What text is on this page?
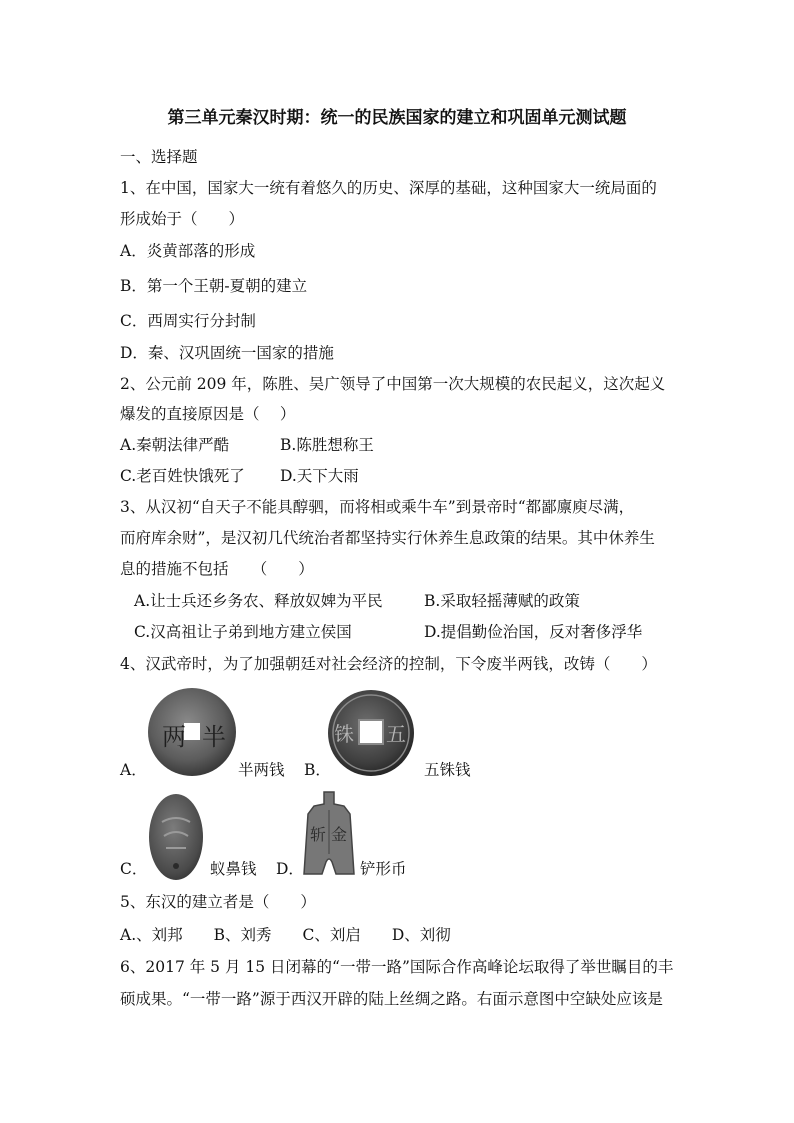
第三单元秦汉时期：统一的民族国家的建立和巩固单元测试题
一、选择题
1、在中国，国家大一统有着悠久的历史、深厚的基础，这种国家大一统局面的
形成始于（　　）
A．炎黄部落的形成
B．第一个王朝-夏朝的建立
C．西周实行分封制
D．秦、汉巩固统一国家的措施
2、公元前 209 年，陈胜、吴广领导了中国第一次大规模的农民起义，这次起义
爆发的直接原因是（　 ）
A.秦朝法律严酷	B.陈胜想称王
C.老百姓快饿死了 D.天下大雨
3、从汉初“自天子不能具醇驷，而将相或乘牛车”到景帝时“都鄙廪庾尽满，
而府库余财”，是汉初几代统治者都坚持实行休养生息政策的结果。其中休养生
息的措施不包括　　（　　）
A.让士兵还乡务农、释放奴婢为平民	B.采取轻摇薄赋的政策
C.汉高祖让子弟到地方建立侯国	D.提倡勤俭治国，反对奢侈浮华
4、汉武帝时，为了加强朝廷对社会经济的控制，下令废半两钱，改铸（　　）
两 半
A．	半两钱
铢 五
B．	五铢钱
C．	蚁鼻钱
斩 金
D．	铲形币
5、东汉的建立者是（　　）
A.、刘邦　　B、刘秀　　C、刘启　　D、刘彻
6、2017 年 5 月 15 日闭幕的“一带一路”国际合作高峰论坛取得了举世瞩目的丰
硕成果。“一带一路”源于西汉开辟的陆上丝绸之路。右面示意图中空缺处应该是
